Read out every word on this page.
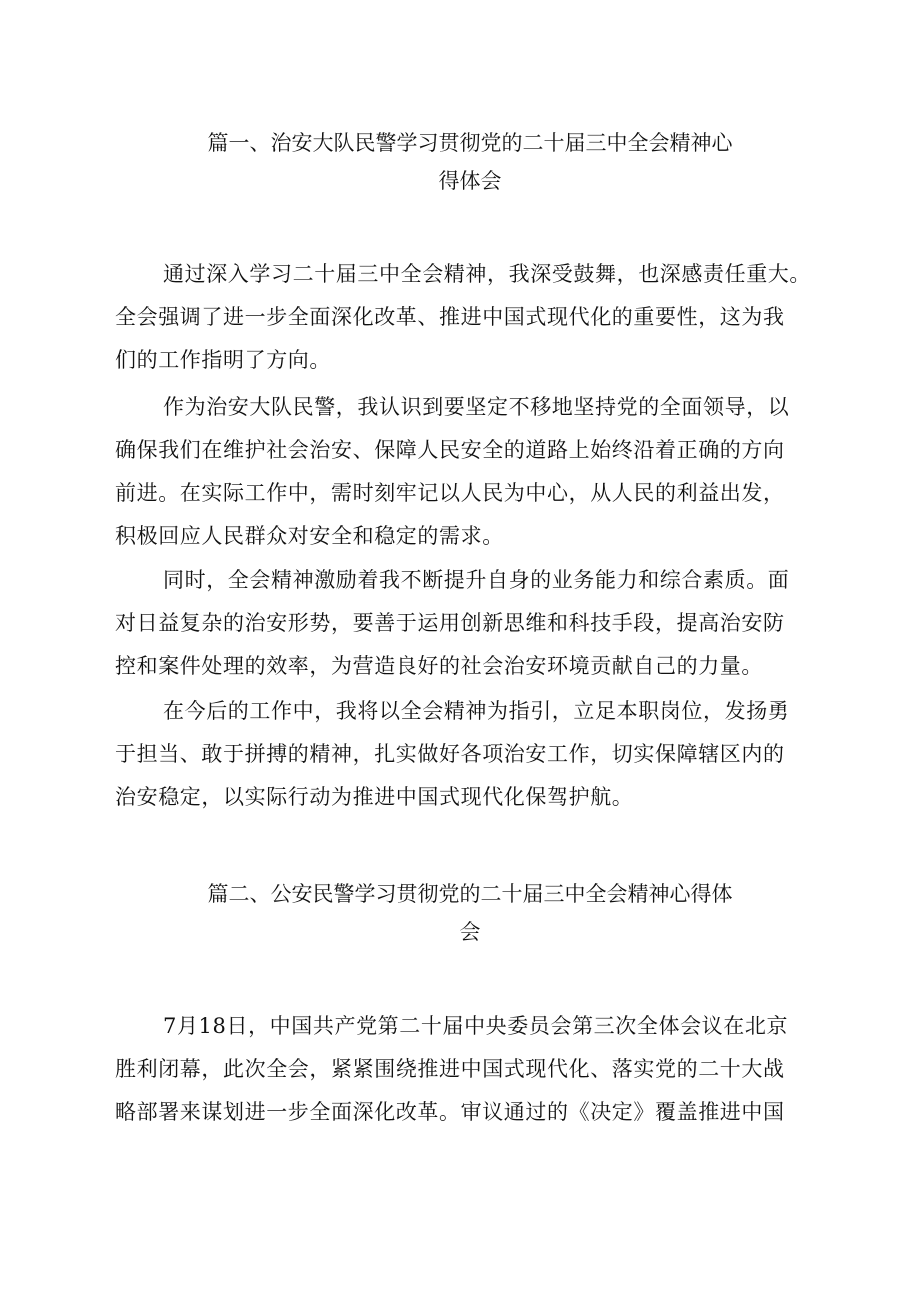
篇一、治安大队民警学习贯彻党的二十届三中全会精神心
得体会
通过深入学习二十届三中全会精神，我深受鼓舞，也深感责任重大。
全会强调了进一步全面深化改革、推进中国式现代化的重要性，这为我
们的工作指明了方向。
作为治安大队民警，我认识到要坚定不移地坚持党的全面领导，以
确保我们在维护社会治安、保障人民安全的道路上始终沿着正确的方向
前进。在实际工作中，需时刻牢记以人民为中心，从人民的利益出发，
积极回应人民群众对安全和稳定的需求。
同时，全会精神激励着我不断提升自身的业务能力和综合素质。面
对日益复杂的治安形势，要善于运用创新思维和科技手段，提高治安防
控和案件处理的效率，为营造良好的社会治安环境贡献自己的力量。
在今后的工作中，我将以全会精神为指引，立足本职岗位，发扬勇
于担当、敢于拼搏的精神，扎实做好各项治安工作，切实保障辖区内的
治安稳定，以实际行动为推进中国式现代化保驾护航。
篇二、公安民警学习贯彻党的二十届三中全会精神心得体
会
7月18日，中国共产党第二十届中央委员会第三次全体会议在北京
胜利闭幕，此次全会，紧紧围绕推进中国式现代化、落实党的二十大战
略部署来谋划进一步全面深化改革。审议通过的《决定》覆盖推进中国
